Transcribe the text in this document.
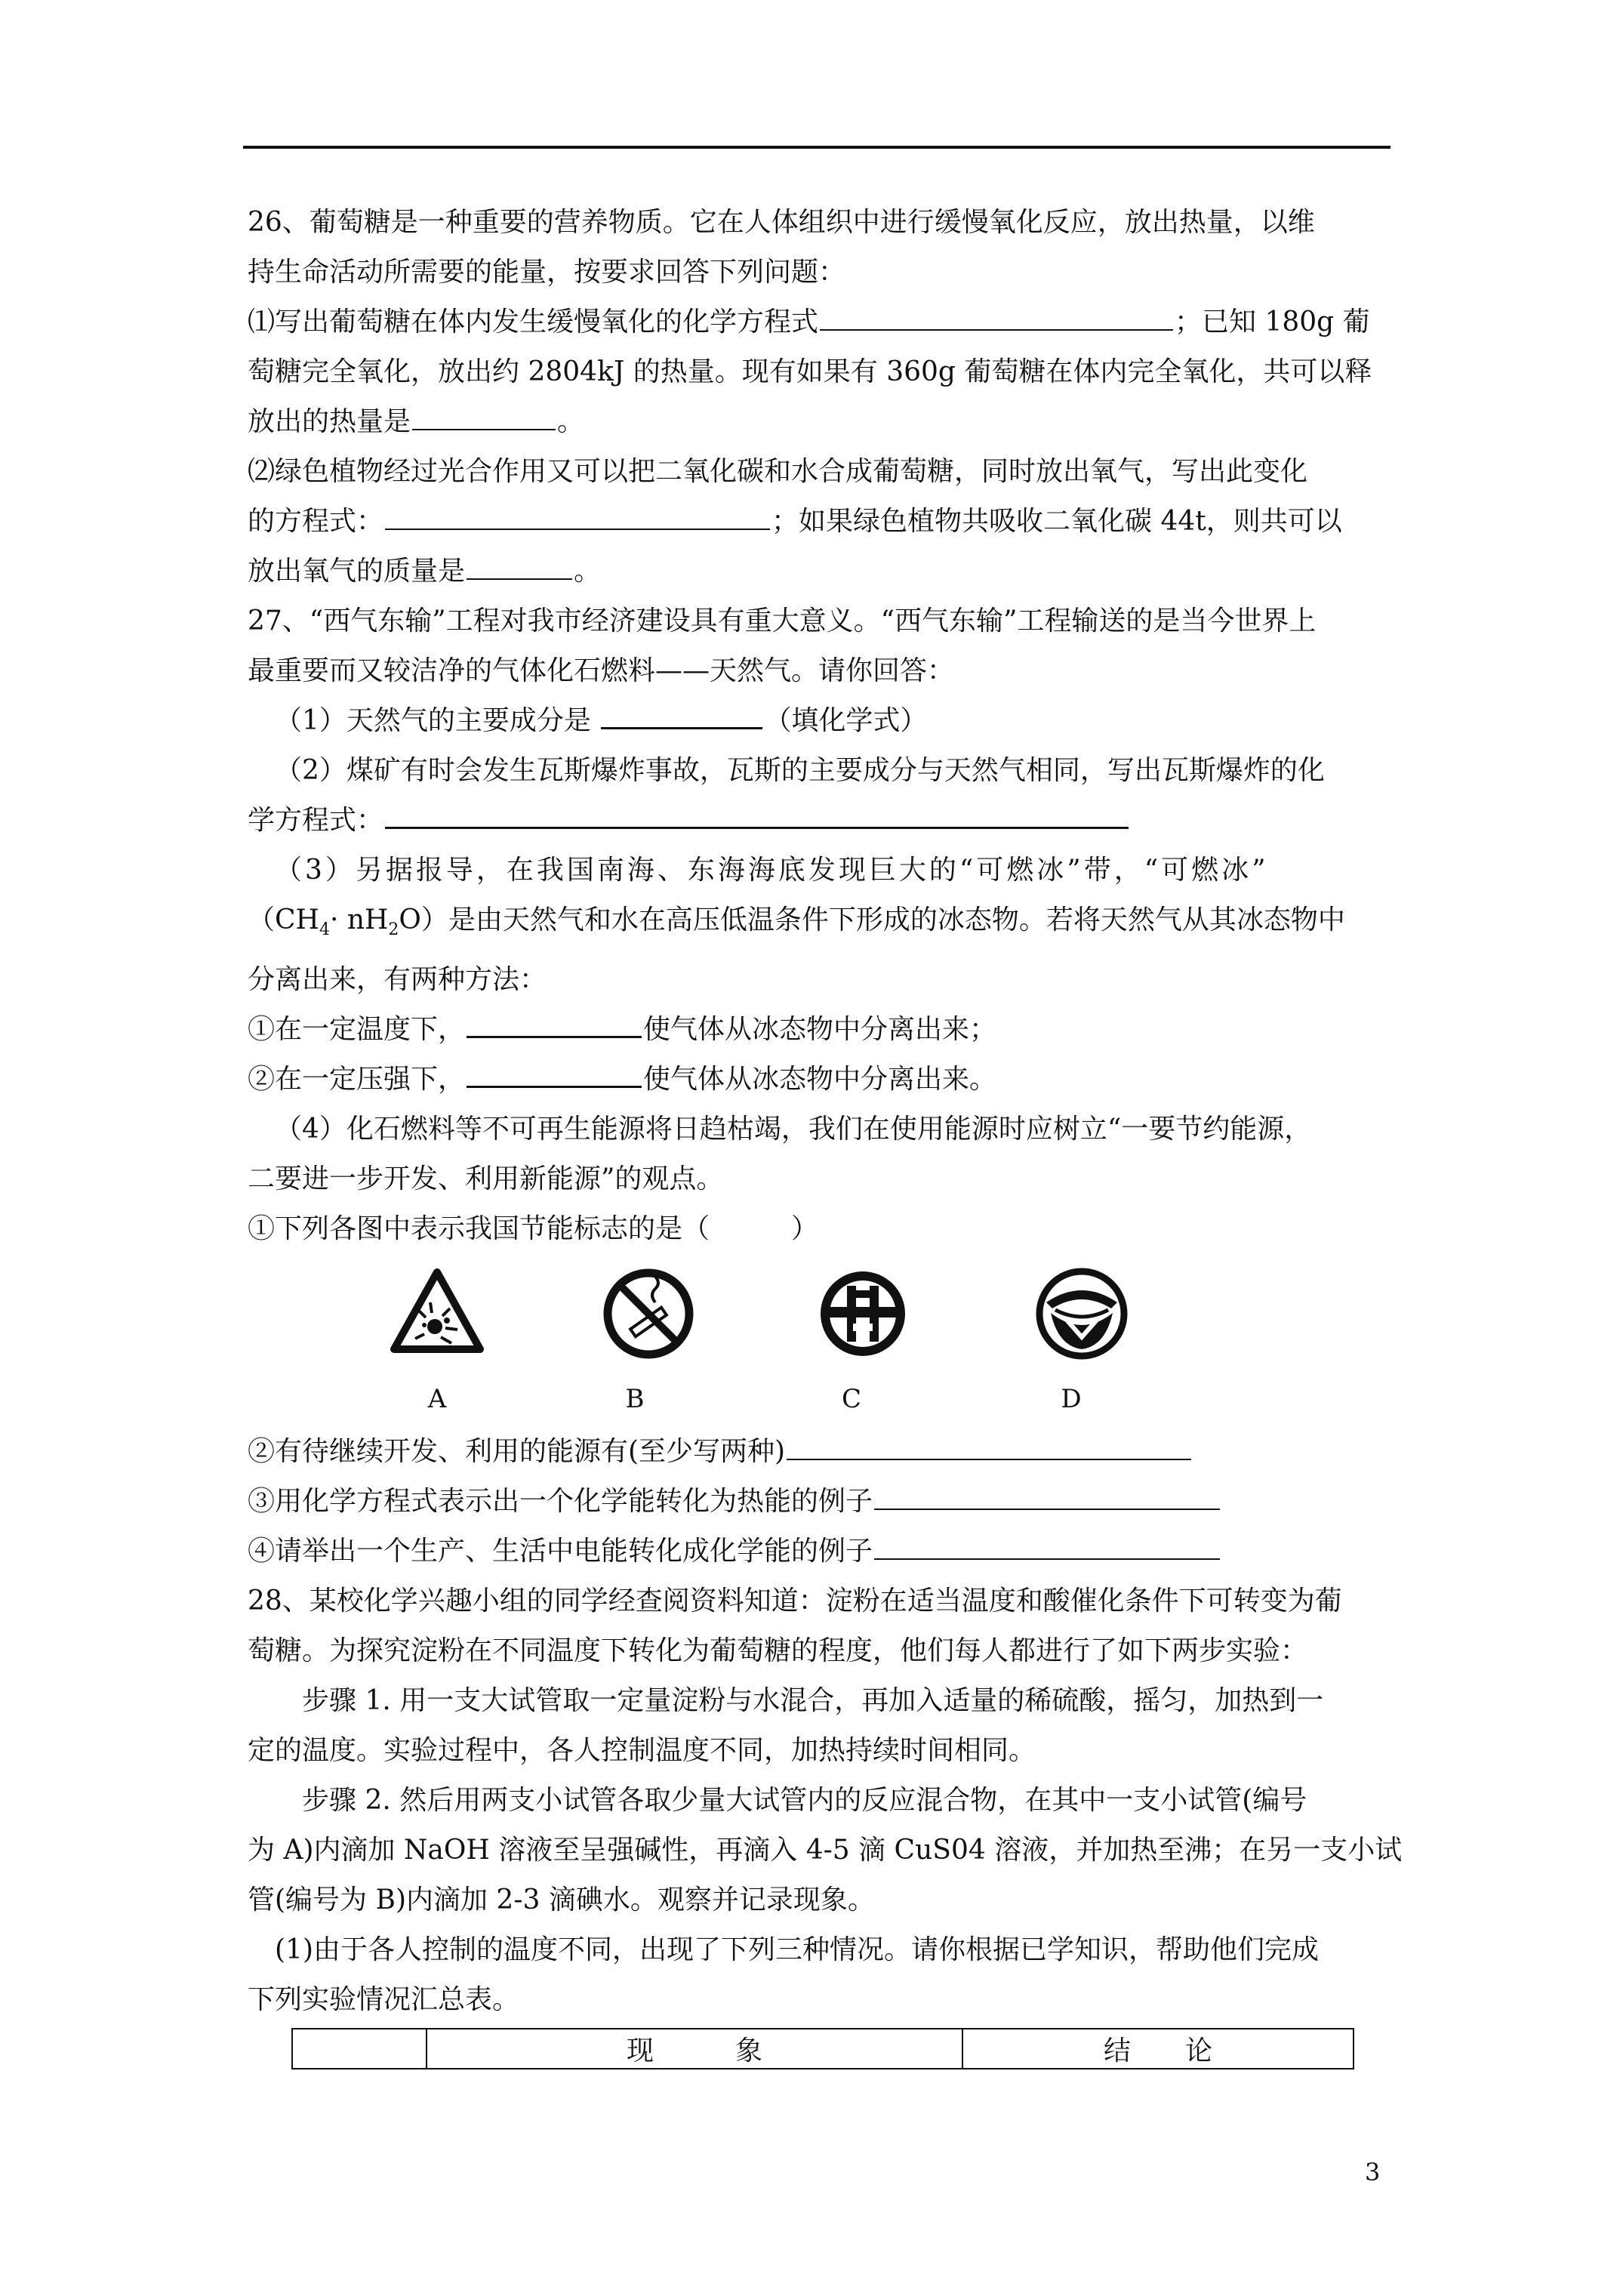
26、葡萄糖是一种重要的营养物质。它在人体组织中进行缓慢氧化反应，放出热量，以维

持生命活动所需要的能量，按要求回答下列问题：

⑴写出葡萄糖在体内发生缓慢氧化的化学方程式	；已知 180g 葡

萄糖完全氧化，放出约 2804kJ 的热量。现有如果有 360g 葡萄糖在体内完全氧化，共可以释

放出的热量是	。

⑵绿色植物经过光合作用又可以把二氧化碳和水合成葡萄糖，同时放出氧气，写出此变化

的方程式：	；如果绿色植物共吸收二氧化碳 44t，则共可以

放出氧气的质量是	。

27、“西气东输”工程对我市经济建设具有重大意义。“西气东输”工程输送的是当今世界上

最重要而又较洁净的气体化石燃料——天然气。请你回答：

（1）天然气的主要成分是	（填化学式）

（2）煤矿有时会发生瓦斯爆炸事故，瓦斯的主要成分与天然气相同，写出瓦斯爆炸的化

学方程式：

（3）另据报导，在我国南海、东海海底发现巨大的“可燃冰”带，“可燃冰”

$(CH_4\cdot nH_2O)$是由天然气和水在高压低温条件下形成的冰态物。若将天然气从其冰态物中

分离出来，有两种方法：

①在一定温度下，	使气体从冰态物中分离出来；

②在一定压强下，	使气体从冰态物中分离出来。

（4）化石燃料等不可再生能源将日趋枯竭，我们在使用能源时应树立“一要节约能源，

二要进一步开发、利用新能源”的观点。

①下列各图中表示我国节能标志的是（　　　）

A	B	C	D

②有待继续开发、利用的能源有(至少写两种)

③用化学方程式表示出一个化学能转化为热能的例子

④请举出一个生产、生活中电能转化成化学能的例子

28、某校化学兴趣小组的同学经查阅资料知道：淀粉在适当温度和酸催化条件下可转变为葡

萄糖。为探究淀粉在不同温度下转化为葡萄糖的程度，他们每人都进行了如下两步实验：

步骤 1. 用一支大试管取一定量淀粉与水混合，再加入适量的稀硫酸，摇匀，加热到一

定的温度。实验过程中，各人控制温度不同，加热持续时间相同。

步骤 2. 然后用两支小试管各取少量大试管内的反应混合物，在其中一支小试管(编号

为 A)内滴加 NaOH 溶液至呈强碱性，再滴入 4-5 滴 CuS04 溶液，并加热至沸；在另一支小试

管(编号为 B)内滴加 2-3 滴碘水。观察并记录现象。

(1)由于各人控制的温度不同，出现了下列三种情况。请你根据已学知识，帮助他们完成

下列实验情况汇总表。

	现　　　象	结　　论
3
